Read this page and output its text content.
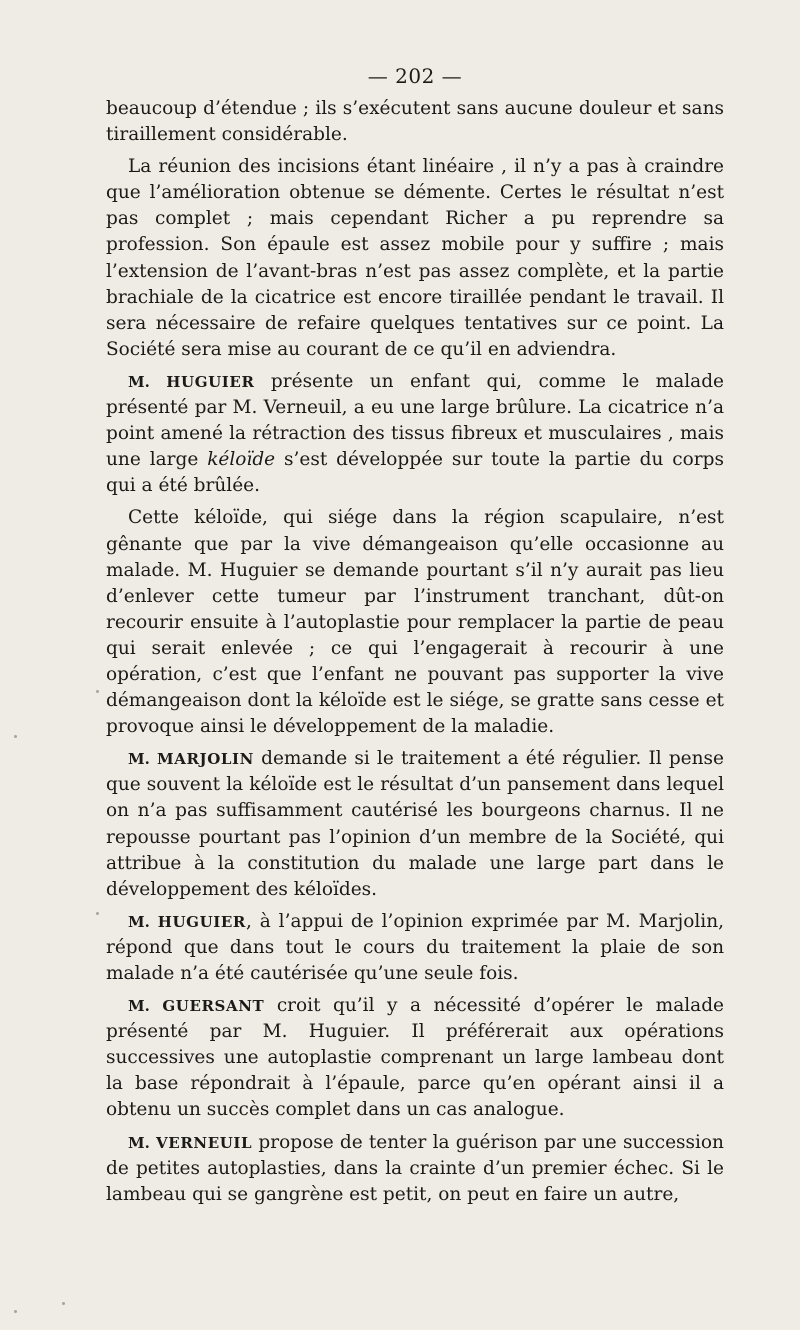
— 202 —

beaucoup d’étendue ; ils s’exécutent sans aucune douleur et sans tiraillement considérable.

La réunion des incisions étant linéaire , il n’y a pas à craindre que l’amélioration obtenue se démente. Certes le résultat n’est pas complet ; mais cependant Richer a pu reprendre sa profession. Son épaule est assez mobile pour y suffire ; mais l’extension de l’avant-bras n’est pas assez complète, et la partie brachiale de la cicatrice est encore tiraillée pendant le travail. Il sera nécessaire de refaire quelques tentatives sur ce point. La Société sera mise au courant de ce qu’il en adviendra.

M. HUGUIER présente un enfant qui, comme le malade présenté par M. Verneuil, a eu une large brûlure. La cicatrice n’a point amené la rétraction des tissus fibreux et musculaires , mais une large kéloïde s’est développée sur toute la partie du corps qui a été brûlée.

Cette kéloïde, qui siége dans la région scapulaire, n’est gênante que par la vive démangeaison qu’elle occasionne au malade. M. Huguier se demande pourtant s’il n’y aurait pas lieu d’enlever cette tumeur par l’instrument tranchant, dût-on recourir ensuite à l’autoplastie pour remplacer la partie de peau qui serait enlevée ; ce qui l’engagerait à recourir à une opération, c’est que l’enfant ne pouvant pas supporter la vive démangeaison dont la kéloïde est le siége, se gratte sans cesse et provoque ainsi le développement de la maladie.

M. MARJOLIN demande si le traitement a été régulier. Il pense que souvent la kéloïde est le résultat d’un pansement dans lequel on n’a pas suffisamment cautérisé les bourgeons charnus. Il ne repousse pourtant pas l’opinion d’un membre de la Société, qui attribue à la constitution du malade une large part dans le développement des kéloïdes.

M. HUGUIER, à l’appui de l’opinion exprimée par M. Marjolin, répond que dans tout le cours du traitement la plaie de son malade n’a été cautérisée qu’une seule fois.

M. GUERSANT croit qu’il y a nécessité d’opérer le malade présenté par M. Huguier. Il préférerait aux opérations successives une autoplastie comprenant un large lambeau dont la base répondrait à l’épaule, parce qu’en opérant ainsi il a obtenu un succès complet dans un cas analogue.

M. VERNEUIL propose de tenter la guérison par une succession de petites autoplasties, dans la crainte d’un premier échec. Si le lambeau qui se gangrène est petit, on peut en faire un autre,
